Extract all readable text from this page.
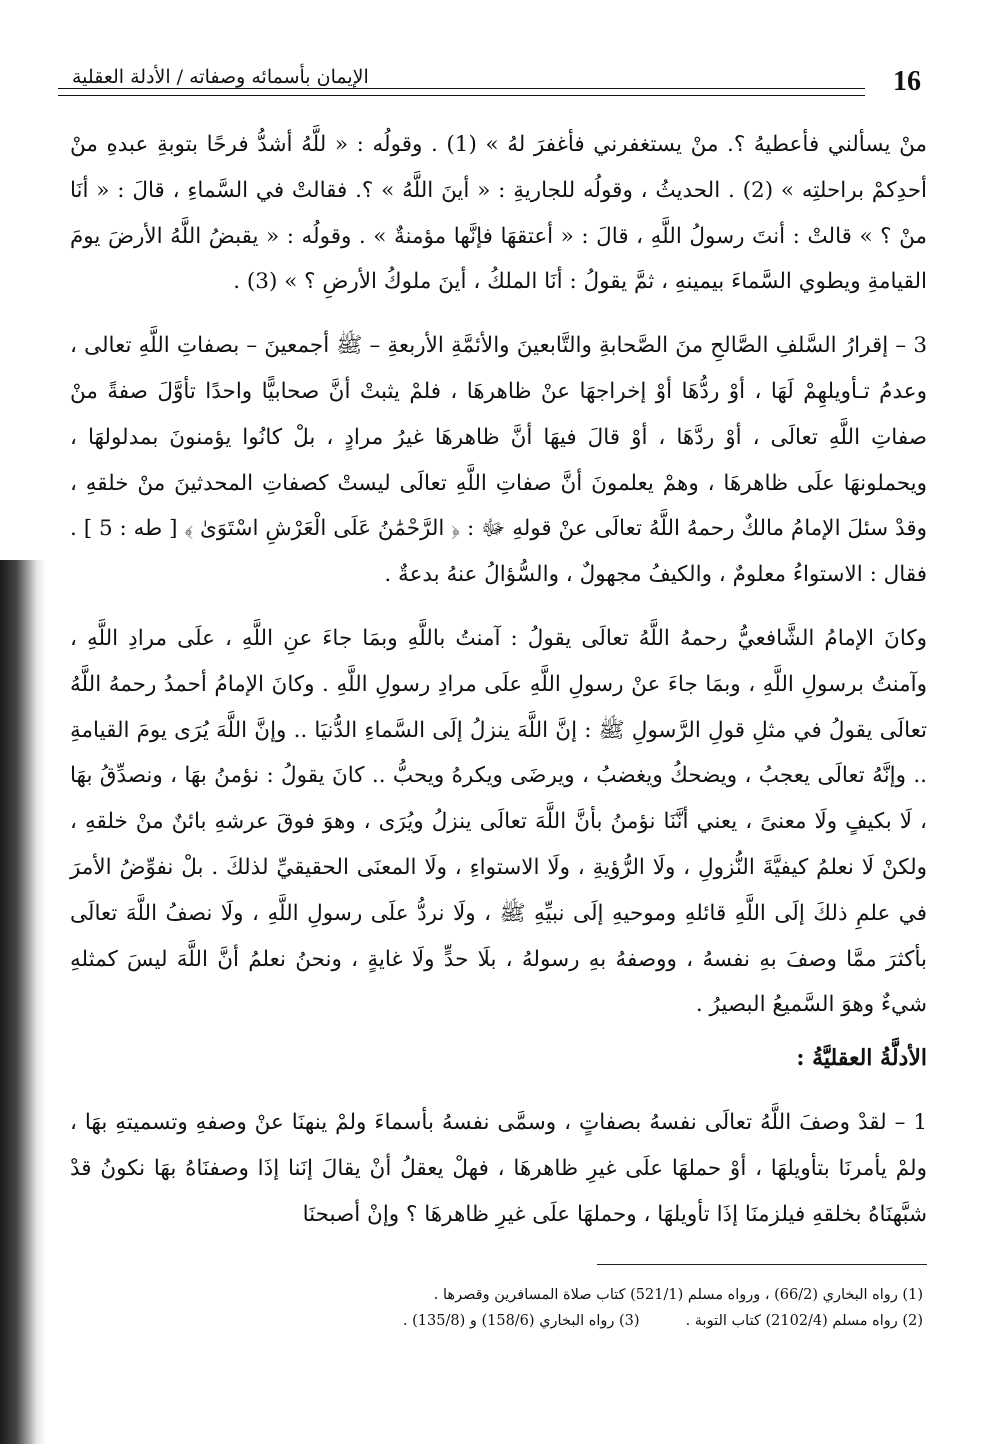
الإيمان بأسمائه وصفاته / الأدلة العقلية	16

منْ يسألني فأعطيهُ ؟. منْ يستغفرني فأغفرَ لهُ » (1) . وقولُه : « للَّهُ أشدُّ فرحًا بتوبةِ عبدهِ منْ أحدِكمْ براحلتِه » (2) . الحديثُ ، وقولُه للجاريةِ : « أينَ اللَّهُ » ؟. فقالتْ في السَّماءِ ، قالَ : « أنَا منْ ؟ » قالتْ : أنتَ رسولُ اللَّهِ ، قالَ : « أعتقهَا فإنَّها مؤمنةٌ » . وقولُه : « يقبضُ اللَّهُ الأرضَ يومَ القيامةِ ويطوي السَّماءَ بيمينهِ ، ثمَّ يقولُ : أنَا الملكُ ، أينَ ملوكُ الأرضِ ؟ » (3) .

3 – إقرارُ السَّلفِ الصَّالحِ منَ الصَّحابةِ والتَّابعينَ والأئمَّةِ الأربعةِ – ﷺ أجمعينَ – بصفاتِ اللَّهِ تعالى ، وعدمُ تـأويلهِمْ لَهَا ، أوْ ردُّهَا أوْ إخراجهَا عنْ ظاهرهَا ، فلمْ يثبتْ أنَّ صحابيًّا واحدًا تأوَّلَ صفةً منْ صفاتِ اللَّهِ تعالَى ، أوْ ردَّهَا ، أوْ قالَ فيهَا أنَّ ظاهرهَا غيرُ مرادٍ ، بلْ كانُوا يؤمنونَ بمدلولهَا ، ويحملونهَا علَى ظاهرهَا ، وهمْ يعلمونَ أنَّ صفاتِ اللَّهِ تعالَى ليستْ كصفاتِ المحدثينَ منْ خلقهِ ، وقدْ سئلَ الإمامُ مالكٌ رحمهُ اللَّهُ تعالَى عنْ قولهِ ﷻ : ﴿ الرَّحْمَٰنُ عَلَى الْعَرْشِ اسْتَوَىٰ ﴾ [ طه : 5 ] . فقال : الاستواءُ معلومٌ ، والكيفُ مجهولٌ ، والسُّؤالُ عنهُ بدعةٌ .

وكانَ الإمامُ الشَّافعيُّ رحمهُ اللَّهُ تعالَى يقولُ : آمنتُ باللَّهِ وبمَا جاءَ عنِ اللَّهِ ، علَى مرادِ اللَّهِ ، وآمنتُ برسولِ اللَّهِ ، وبمَا جاءَ عنْ رسولِ اللَّهِ علَى مرادِ رسولِ اللَّهِ . وكانَ الإمامُ أحمدُ رحمهُ اللَّهُ تعالَى يقولُ في مثلِ قولِ الرَّسولِ ﷺ : إنَّ اللَّهَ ينزلُ إلَى السَّماءِ الدُّنيَا .. وإنَّ اللَّهَ يُرَى يومَ القيامةِ .. وإنَّهُ تعالَى يعجبُ ، ويضحكُ ويغضبُ ، ويرضَى ويكرهُ ويحبُّ .. كانَ يقولُ : نؤمنُ بهَا ، ونصدِّقُ بهَا ، لَا بكيفٍ ولَا معنىً ، يعني أنَّنَا نؤمنُ بأنَّ اللَّهَ تعالَى ينزلُ ويُرَى ، وهوَ فوقَ عرشهِ بائنٌ منْ خلقهِ ، ولكنْ لَا نعلمُ كيفيَّةَ النُّزولِ ، ولَا الرُّؤيةِ ، ولَا الاستواءِ ، ولَا المعنَى الحقيقيِّ لذلكَ . بلْ نفوِّضُ الأمرَ في علمِ ذلكَ إلَى اللَّهِ قائلهِ وموحيهِ إلَى نبيِّهِ ﷺ ، ولَا نردُّ علَى رسولِ اللَّهِ ، ولَا نصفُ اللَّهَ تعالَى بأكثرَ ممَّا وصفَ بهِ نفسهُ ، ووصفهُ بهِ رسولهُ ، بلَا حدٍّ ولَا غايةٍ ، ونحنُ نعلمُ أنَّ اللَّهَ ليسَ كمثلهِ شيءٌ وهوَ السَّميعُ البصيرُ .

الأدلَّةُ العقليَّةُ :

1 – لقدْ وصفَ اللَّهُ تعالَى نفسهُ بصفاتٍ ، وسمَّى نفسهُ بأسماءَ ولمْ ينهنَا عنْ وصفهِ وتسميتهِ بهَا ، ولمْ يأمرنَا بتأويلهَا ، أوْ حملهَا علَى غيرِ ظاهرهَا ، فهلْ يعقلُ أنْ يقالَ إنَنا إذَا وصفنَاهُ بهَا نكونُ قدْ شبَّهنَاهُ بخلقهِ فيلزمنَا إذَا تأويلهَا ، وحملهَا علَى غيرِ ظاهرهَا ؟ وإنْ أصبحنَا

(1) رواه البخاري (66/2) ، ورواه مسلم (521/1) كتاب صلاة المسافرين وقصرها .
(2) رواه مسلم (2102/4) كتاب التوبة .
(3) رواه البخاري (158/6) و (135/8) .
